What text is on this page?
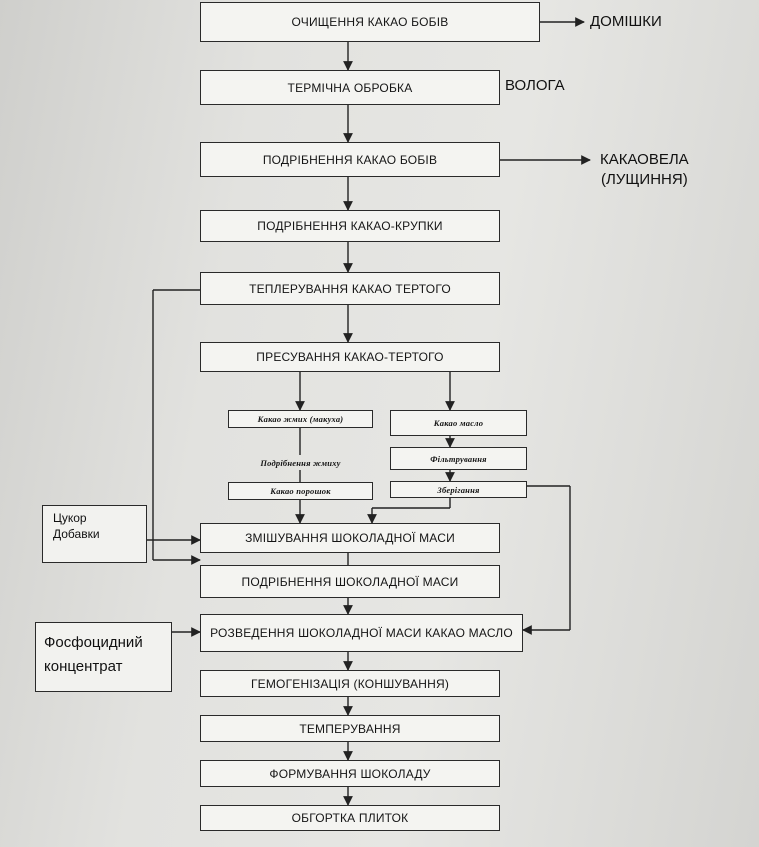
ОЧИЩЕННЯ КАКАО БОБІВ
ТЕРМІЧНА ОБРОБКА
ПОДРІБНЕННЯ КАКАО БОБІВ
ПОДРІБНЕННЯ КАКАО-КРУПКИ
ТЕПЛЕРУВАННЯ КАКАО ТЕРТОГО
ПРЕСУВАННЯ КАКАО-ТЕРТОГО
Какао жмих (макуха)
Подрібнення жмиху
Какао порошок
Какао масло
Фільтрування
Зберігання
ЗМІШУВАННЯ ШОКОЛАДНОЇ МАСИ
ПОДРІБНЕННЯ ШОКОЛАДНОЇ МАСИ
РОЗВЕДЕННЯ ШОКОЛАДНОЇ МАСИ КАКАО МАСЛО
ГЕМОГЕНІЗАЦІЯ (КОНШУВАННЯ)
ТЕМПЕРУВАННЯ
ФОРМУВАННЯ ШОКОЛАДУ
ОБГОРТКА ПЛИТОК
ДОМІШКИ
ВОЛОГА
КАКАОВЕЛА
(ЛУЩИННЯ)
Цукор
Добавки
Фосфоцидний
концентрат
